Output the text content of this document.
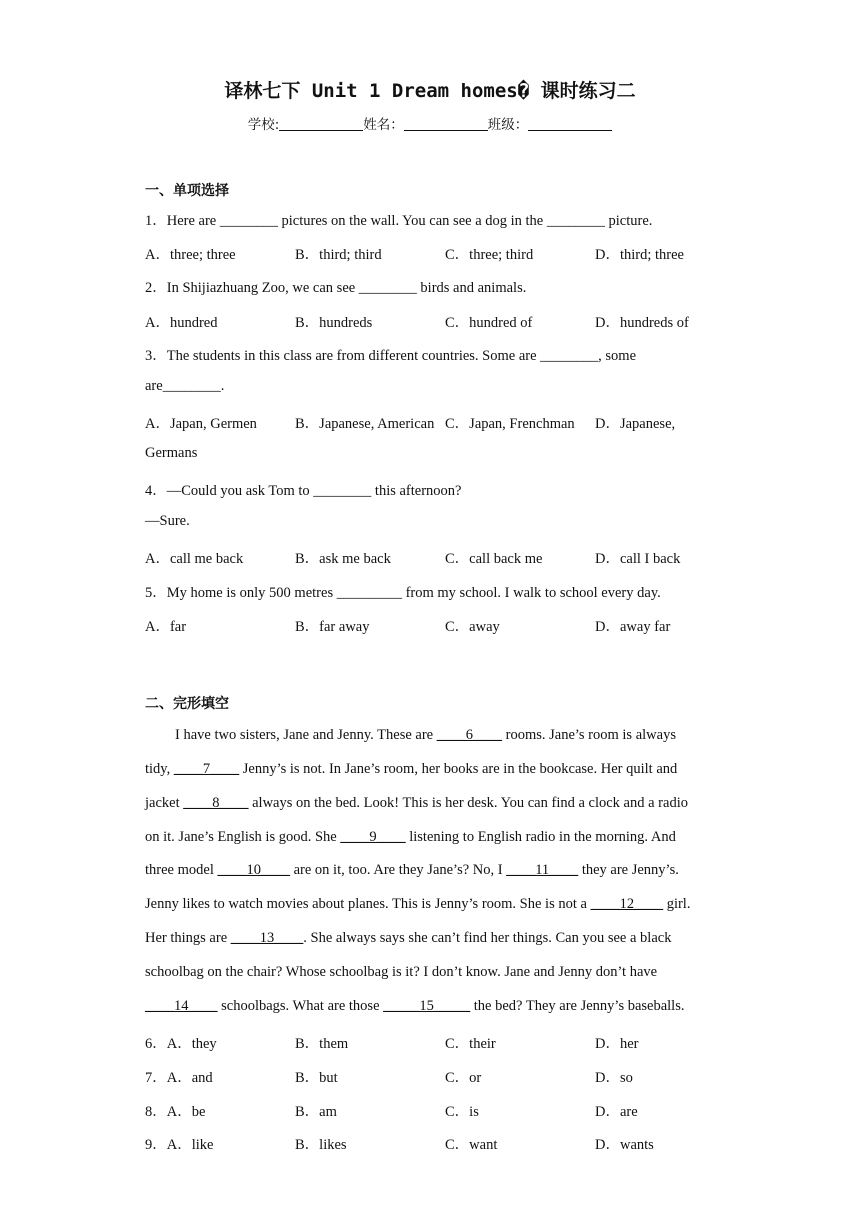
译林七下 Unit 1 Dream homes� 课时练习二
学校:	姓名：	班级：
一、单项选择
1．Here are ________ pictures on the wall. You can see a dog in the ________ picture.
A．three; three	B．third; third	C．three; third	D．third; three
2．In Shijiazhuang Zoo, we can see ________ birds and animals.
A．hundred	B．hundreds	C．hundred of	D．hundreds of
3．The students in this class are from different countries. Some are ________, some
are________.
A．Japan, Germen	B．Japanese, American C．Japan, Frenchman D．Japanese,
Germans
4．—Could you ask Tom to ________ this afternoon?
—Sure.
A．call me back	B．ask me back	C．call back me	D．call I back
5．My home is only 500 metres _________ from my school. I walk to school every day.
A．far	B．far away	C．away	D．away far
二、完形填空
I have two sisters, Jane and Jenny. These are ____6____ rooms. Jane’s room is always
tidy, ____7____ Jenny’s is not. In Jane’s room, her books are in the bookcase. Her quilt and
jacket ____8____ always on the bed. Look! This is her desk. You can find a clock and a radio
on it. Jane’s English is good. She ____9____ listening to English radio in the morning. And
three model ____10____ are on it, too. Are they Jane’s? No, I ____11____ they are Jenny’s.
Jenny likes to watch movies about planes. This is Jenny’s room. She is not a ____12____ girl.
Her things are ____13____. She always says she can’t find her things. Can you see a black
schoolbag on the chair? Whose schoolbag is it? I don’t know. Jane and Jenny don’t have
____14____ schoolbags. What are those _____15_____ the bed? They are Jenny’s baseballs.
6．A．they	B．them	C．their	D．her
7．A．and	B．but	C．or	D．so
8．A．be	B．am	C．is	D．are
9．A．like	B．likes	C．want	D．wants
